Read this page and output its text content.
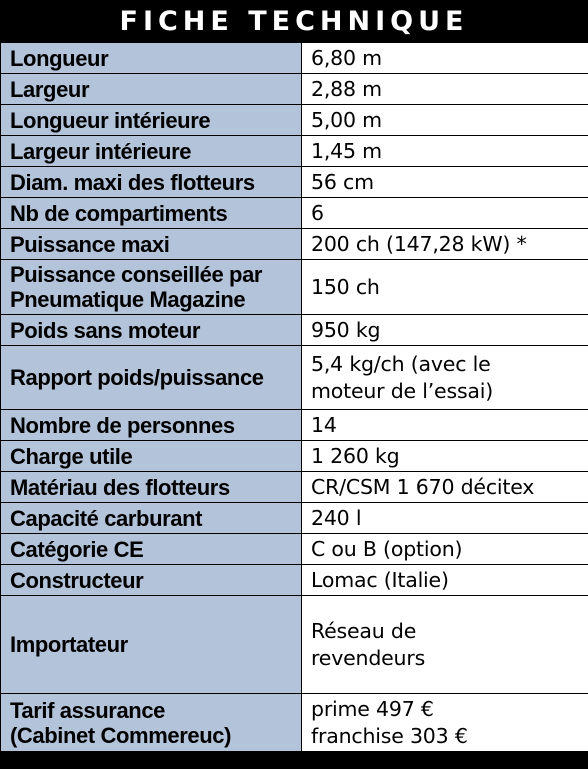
FICHE TECHNIQUE
Longueur	6,80 m
Largeur	2,88 m
Longueur intérieure	5,00 m
Largeur intérieure	1,45 m
Diam. maxi des flotteurs	56 cm
Nb de compartiments	6
Puissance maxi	200 ch (147,28 kW) *
Puissance conseillée par
Pneumatique Magazine	150 ch
Poids sans moteur	950 kg
Rapport poids/puissance	5,4 kg/ch (avec le
moteur de l’essai)
Nombre de personnes	14
Charge utile	1 260 kg
Matériau des flotteurs	CR/CSM 1 670 décitex
Capacité carburant	240 l
Catégorie CE	C ou B (option)
Constructeur	Lomac (Italie)
Importateur	Réseau de
revendeurs
Tarif assurance
(Cabinet Commereuc)	prime 497 €
franchise 303 €
